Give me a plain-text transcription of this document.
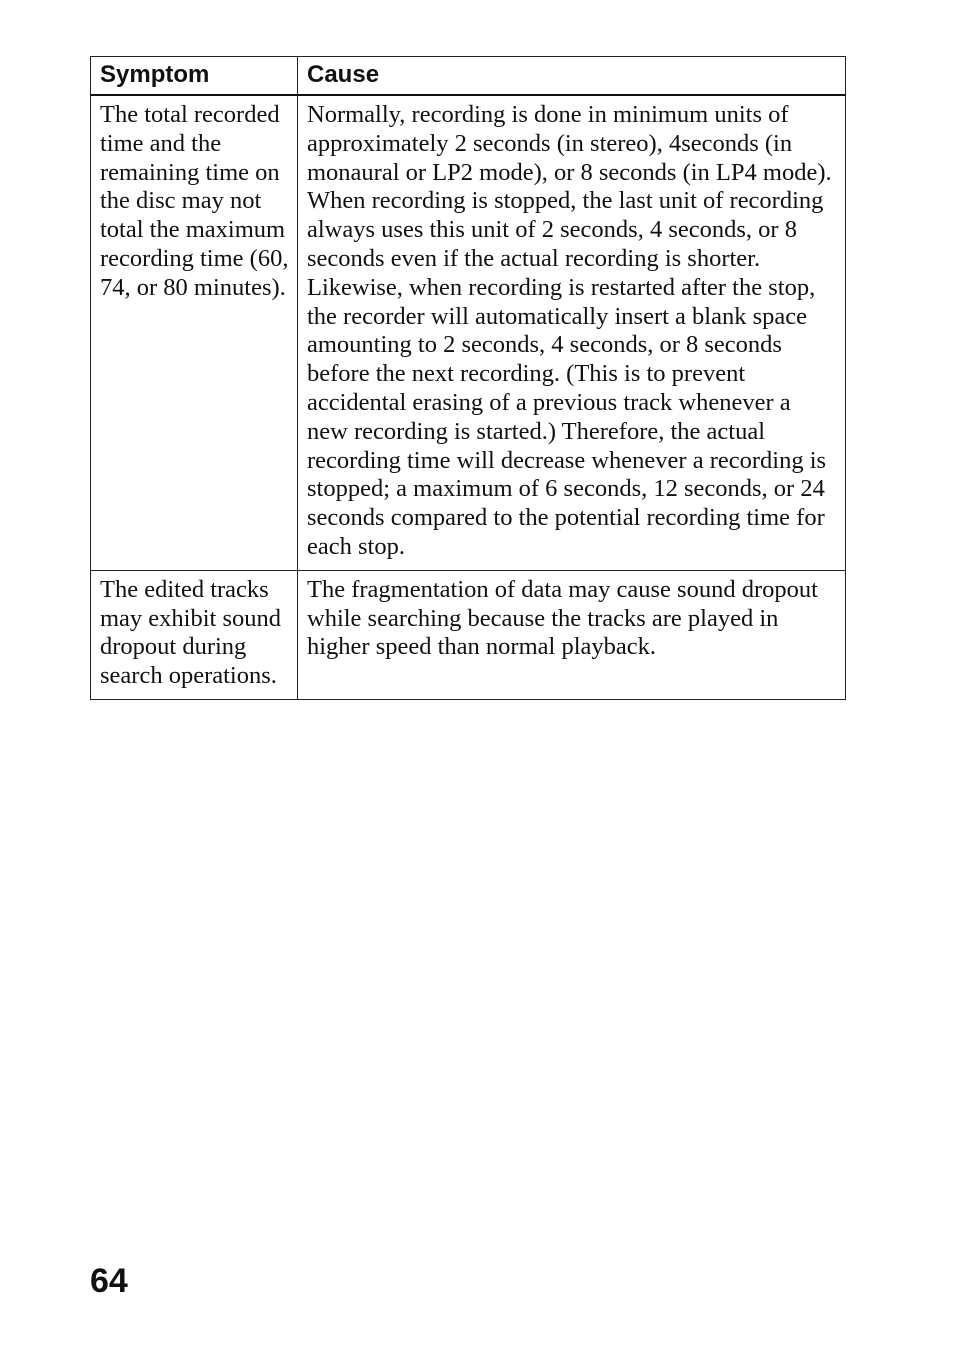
Symptom	Cause
The total recorded time and the remaining time on the disc may not total the maximum recording time (60, 74, or 80 minutes).	Normally, recording is done in minimum units of approximately 2 seconds (in stereo), 4seconds (in monaural or LP2 mode), or 8 seconds (in LP4 mode). When recording is stopped, the last unit of recording always uses this unit of 2 seconds, 4 seconds, or 8 seconds even if the actual recording is shorter. Likewise, when recording is restarted after the stop, the recorder will automatically insert a blank space amounting to 2 seconds, 4 seconds, or 8 seconds before the next recording. (This is to prevent accidental erasing of a previous track whenever a new recording is started.) Therefore, the actual recording time will decrease whenever a recording is stopped; a maximum of 6 seconds, 12 seconds, or 24 seconds compared to the potential recording time for each stop.
The edited tracks may exhibit sound dropout during search operations.	The fragmentation of data may cause sound dropout while searching because the tracks are played in higher speed than normal playback.
64
